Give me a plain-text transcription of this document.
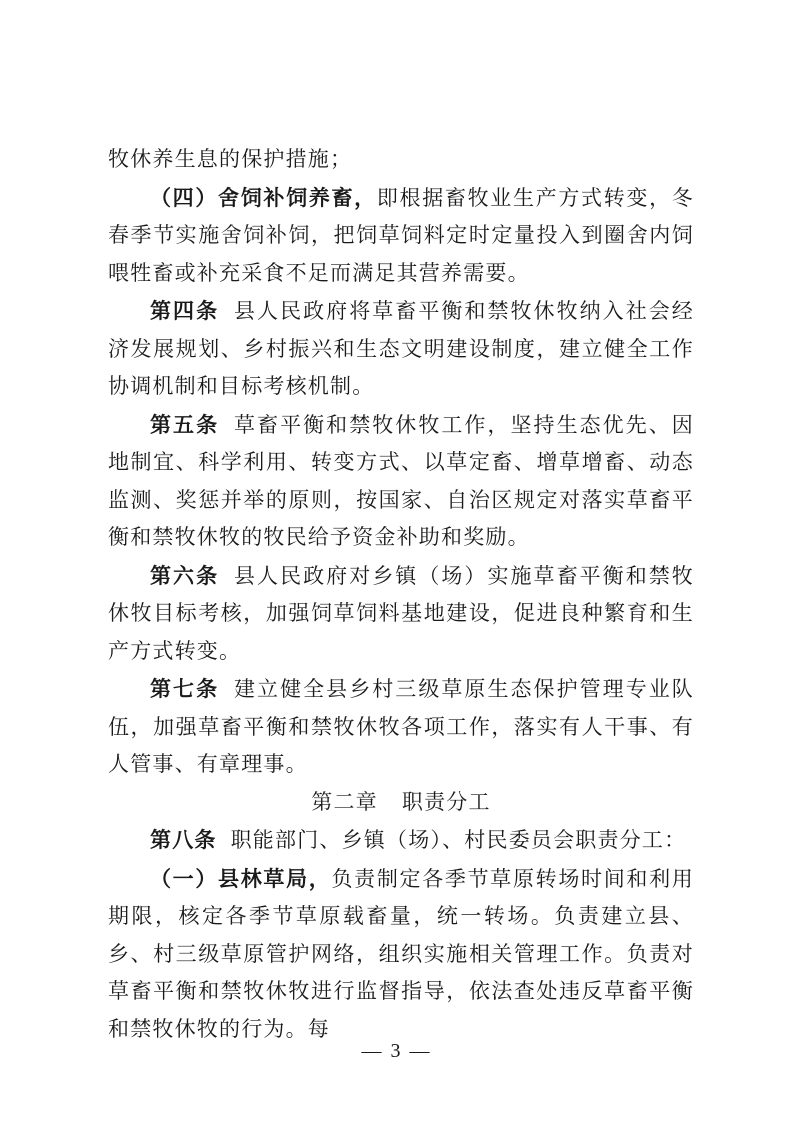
牧休养生息的保护措施；

（四）舍饲补饲养畜，即根据畜牧业生产方式转变，冬春季节实施舍饲补饲，把饲草饲料定时定量投入到圈舍内饲喂牲畜或补充采食不足而满足其营养需要。

第四条 县人民政府将草畜平衡和禁牧休牧纳入社会经济发展规划、乡村振兴和生态文明建设制度，建立健全工作协调机制和目标考核机制。

第五条 草畜平衡和禁牧休牧工作，坚持生态优先、因地制宜、科学利用、转变方式、以草定畜、增草增畜、动态监测、奖惩并举的原则，按国家、自治区规定对落实草畜平衡和禁牧休牧的牧民给予资金补助和奖励。

第六条 县人民政府对乡镇（场）实施草畜平衡和禁牧休牧目标考核，加强饲草饲料基地建设，促进良种繁育和生产方式转变。

第七条 建立健全县乡村三级草原生态保护管理专业队伍，加强草畜平衡和禁牧休牧各项工作，落实有人干事、有人管事、有章理事。

第二章 职责分工

第八条 职能部门、乡镇（场）、村民委员会职责分工：

（一）县林草局，负责制定各季节草原转场时间和利用期限，核定各季节草原载畜量，统一转场。负责建立县、乡、村三级草原管护网络，组织实施相关管理工作。负责对草畜平衡和禁牧休牧进行监督指导，依法查处违反草畜平衡和禁牧休牧的行为。每

— 3 —
